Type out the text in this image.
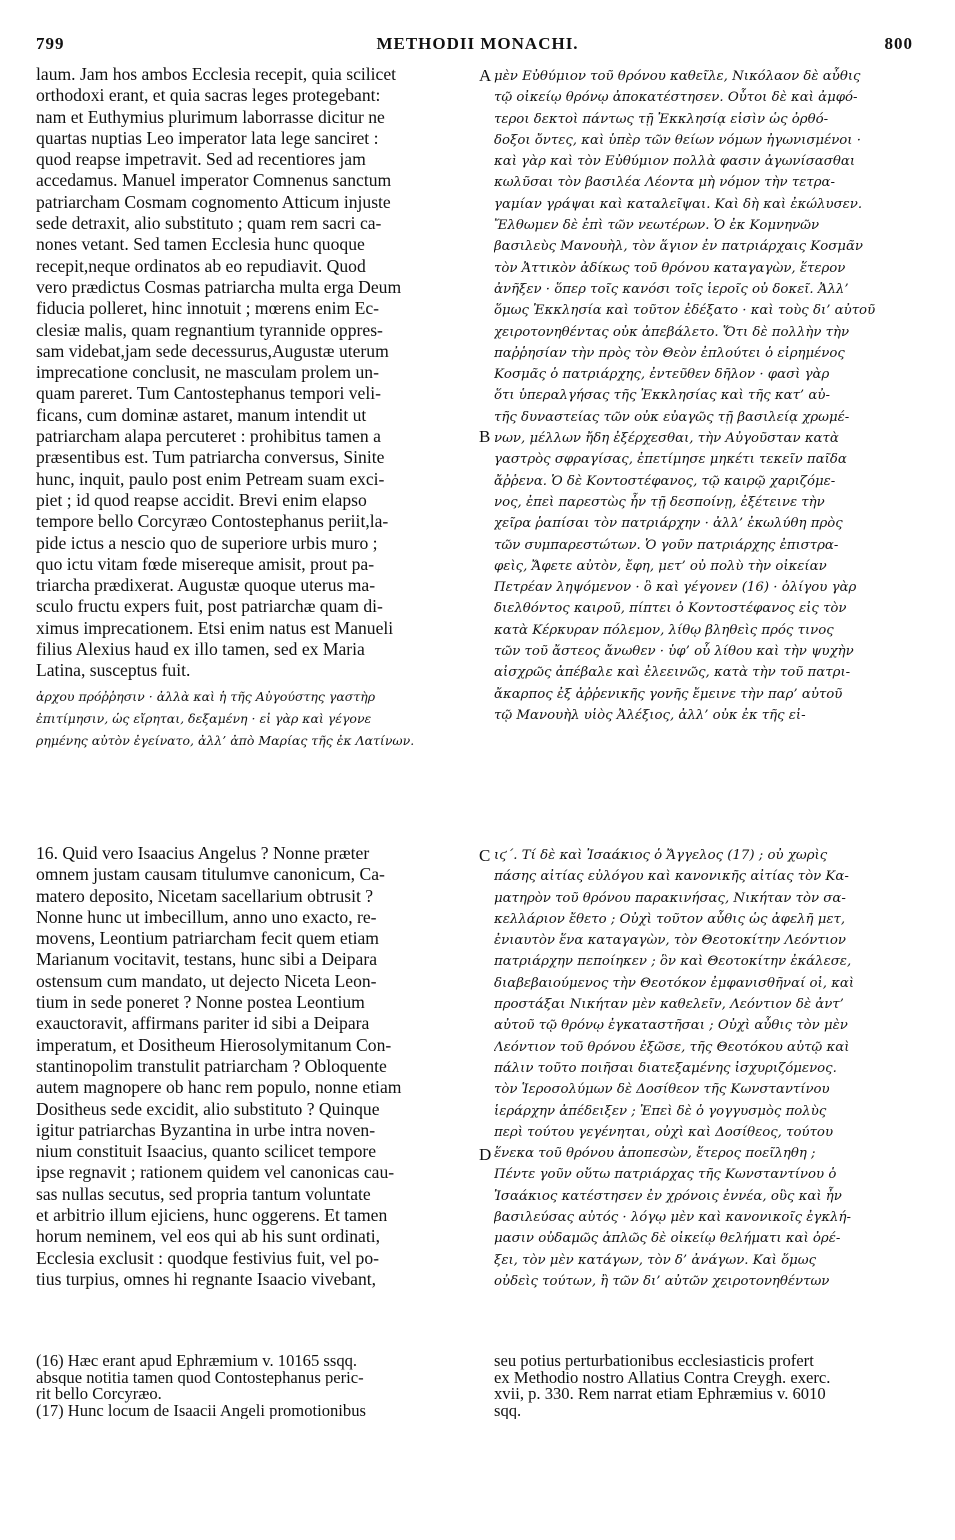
799	METHODII MONACHI.	800
A
B
C
D
laum. Jam hos ambos Ecclesia recepit, quia scilicet
orthodoxi erant, et quia sacras leges protegebant:
nam et Euthymius plurimum laborrasse dicitur ne
quartas nuptias Leo imperator lata lege sanciret :
quod reapse impetravit. Sed ad recentiores jam
accedamus. Manuel imperator Comnenus sanctum
patriarcham Cosmam cognomento Atticum injuste
sede detraxit, alio substituto ; quam rem sacri ca-
nones vetant. Sed tamen Ecclesia hunc quoque
recepit,neque ordinatos ab eo repudiavit. Quod
vero prædictus Cosmas patriarcha multa erga Deum
fiducia polleret, hinc innotuit ; mœrens enim Ec-
clesiæ malis, quam regnantium tyrannide oppres-
sam videbat,jam sede decessurus,Augustæ uterum
imprecatione conclusit, ne masculam prolem un-
quam pareret. Tum Cantostephanus tempori veli-
ficans, cum dominæ astaret, manum intendit ut
patriarcham alapa percuteret : prohibitus tamen a
præsentibus est. Tum patriarcha conversus, Sinite
hunc, inquit, paulo post enim Petream suam exci-
piet ; id quod reapse accidit. Brevi enim elapso
tempore bello Corcyræo Contostephanus periit,la-
pide ictus a nescio quo de superiore urbis muro ;
quo ictu vitam fœde misereque amisit, prout pa-
triarcha prædixerat. Augustæ quoque uterus ma-
sculo fructu expers fuit, post patriarchæ quam di-
ximus imprecationem. Etsi enim natus est Manueli
filius Alexius haud ex illo tamen, sed ex Maria
Latina, susceptus fuit.
μὲν Εὐθύμιον τοῦ θρόνου καθεῖλε, Νικόλαον δὲ αὖθις
τῷ οἰκείῳ θρόνῳ ἀποκατέστησεν. Οὗτοι δὲ καὶ ἀμφό-
τεροι δεκτοὶ πάντως τῇ Ἐκκλησίᾳ εἰσὶν ὡς ὀρθό-
δοξοι ὄντες, καὶ ὑπὲρ τῶν θείων νόμων ἠγωνισμένοι ·
καὶ γὰρ καὶ τὸν Εὐθύμιον πολλὰ φασιν ἀγωνίσασθαι
κωλῦσαι τὸν βασιλέα Λέοντα μὴ νόμον τὴν τετρα-
γαμίαν γράψαι καὶ καταλεῖψαι. Καὶ δὴ καὶ ἐκώλυσεν.
Ἔλθωμεν δὲ ἐπὶ τῶν νεωτέρων. Ὁ ἐκ Κομνηνῶν
βασιλεὺς Μανουὴλ, τὸν ἅγιον ἐν πατριάρχαις Κοσμᾶν
τὸν Ἀττικὸν ἀδίκως τοῦ θρόνου καταγαγὼν, ἕτερον
ἀνῆξεν · ὅπερ τοῖς κανόσι τοῖς ἱεροῖς οὐ δοκεῖ. Ἀλλ’
ὅμως Ἐκκλησία καὶ τοῦτον ἐδέξατο · καὶ τοὺς δι’ αὐτοῦ
χειροτονηθέντας οὐκ ἀπεβάλετο. Ὅτι δὲ πολλὴν τὴν
παῤῥησίαν τὴν πρὸς τὸν Θεὸν ἐπλούτει ὁ εἰρημένος
Κοσμᾶς ὁ πατριάρχης, ἐντεῦθεν δῆλον · φασὶ γὰρ
ὅτι ὑπεραλγήσας τῆς Ἐκκλησίας καὶ τῆς κατ’ αὐ-
τῆς δυναστείας τῶν οὐκ εὐαγῶς τῇ βασιλείᾳ χρωμέ-
νων, μέλλων ἤδη ἐξέρχεσθαι, τὴν Αὐγοῦσταν κατὰ
γαστρὸς σφραγίσας, ἐπετίμησε μηκέτι τεκεῖν παῖδα
ἄῤῥενα. Ὁ δὲ Κοντοστέφανος, τῷ καιρῷ χαριζόμε-
νος, ἐπεὶ παρεστὼς ἦν τῇ δεσποίνῃ, ἐξέτεινε τὴν
χεῖρα ῥαπίσαι τὸν πατριάρχην · ἀλλ’ ἐκωλύθη πρὸς
τῶν συμπαρεστώτων. Ὁ γοῦν πατριάρχης ἐπιστρα-
φεὶς, Ἄφετε αὐτὸν, ἔφη, μετ’ οὐ πολὺ τὴν οἰκείαν
Πετρέαν ληψόμενον · ὃ καὶ γέγονεν (16) · ὀλίγου γὰρ
διελθόντος καιροῦ, πίπτει ὁ Κοντοστέφανος εἰς τὸν
κατὰ Κέρκυραν πόλεμον, λίθῳ βληθεὶς πρός τινος
τῶν τοῦ ἄστεος ἄνωθεν · ὑφ’ οὗ λίθου καὶ τὴν ψυχὴν
αἰσχρῶς ἀπέβαλε καὶ ἐλεεινῶς, κατὰ τὴν τοῦ πατρι-
ἄκαρπος ἐξ ἀῤῥενικῆς γονῆς ἔμεινε τὴν παρ’ αὐτοῦ
τῷ Μανουὴλ υἱὸς Ἀλέξιος, ἀλλ’ οὐκ ἐκ τῆς εἰ-
ἀρχου πρόῤῥησιν · ἀλλὰ καὶ ἡ τῆς Αὐγούστης γαστὴρ
ἐπιτίμησιν, ὡς εἴρηται, δεξαμένη · εἰ γὰρ καὶ γέγονε
ρημένης αὐτὸν ἐγείνατο, ἀλλ’ ἀπὸ Μαρίας τῆς ἐκ Λατίνων.
16. Quid vero Isaacius Angelus ? Nonne præter
omnem justam causam titulumve canonicum, Ca-
matero deposito, Nicetam sacellarium obtrusit ?
Nonne hunc ut imbecillum, anno uno exacto, re-
movens, Leontium patriarcham fecit quem etiam
Marianum vocitavit, testans, hunc sibi a Deipara
ostensum cum mandato, ut dejecto Niceta Leon-
tium in sede poneret ? Nonne postea Leontium
exauctoravit, affirmans pariter id sibi a Deipara
imperatum, et Dositheum Hierosolymitanum Con-
stantinopolim transtulit patriarcham ? Obloquente
autem magnopere ob hanc rem populo, nonne etiam
Dositheus sede excidit, alio substituto ? Quinque
igitur patriarchas Byzantina in urbe intra noven-
nium constituit Isaacius, quanto scilicet tempore
ipse regnavit ; rationem quidem vel canonicas cau-
sas nullas secutus, sed propria tantum voluntate
et arbitrio illum ejiciens, hunc oggerens. Et tamen
horum neminem, vel eos qui ab his sunt ordinati,
Ecclesia exclusit : quodque festivius fuit, vel po-
tius turpius, omnes hi regnante Isaacio vivebant,
ιϛ΄. Τί δὲ καὶ Ἰσαάκιος ὁ Ἄγγελος (17) ; οὐ χωρὶς
πάσης αἰτίας εὐλόγου καὶ κανονικῆς αἰτίας τὸν Κα-
ματηρὸν τοῦ θρόνου παρακινήσας, Νικήταν τὸν σα-
κελλάριον ἔθετο ; Οὐχὶ τοῦτον αὖθις ὡς ἀφελῆ μετ,
ἐνιαυτὸν ἕνα καταγαγὼν, τὸν Θεοτοκίτην Λεόντιον
πατριάρχην πεποίηκεν ; ὃν καὶ Θεοτοκίτην ἐκάλεσε,
διαβεβαιούμενος τὴν Θεοτόκον ἐμφανισθῆναί οἱ, καὶ
προστάξαι Νικήταν μὲν καθελεῖν, Λεόντιον δὲ ἀντ’
αὐτοῦ τῷ θρόνῳ ἐγκαταστῆσαι ; Οὐχὶ αὖθις τὸν μὲν
Λεόντιον τοῦ θρόνου ἐξῶσε, τῆς Θεοτόκου αὐτῷ καὶ
πάλιν τοῦτο ποιῆσαι διατεξαμένης ἰσχυριζόμενος.
τὸν Ἱεροσολύμων δὲ Δοσίθεον τῆς Κωνσταντίνου
ἱεράρχην ἀπέδειξεν ; Ἐπεὶ δὲ ὁ γογγυσμὸς πολὺς
περὶ τούτου γεγένηται, οὐχὶ καὶ Δοσίθεος, τούτου
ἕνεκα τοῦ θρόνου ἀποπεσὼν, ἕτερος ποεῖληθη ;
Πέντε γοῦν οὕτω πατριάρχας τῆς Κωνσταντίνου ὁ
Ἰσαάκιος κατέστησεν ἐν χρόνοις ἐννέα, οὓς καὶ ἦν
βασιλεύσας αὐτός · λόγῳ μὲν καὶ κανονικοῖς ἐγκλή-
μασιν οὐδαμῶς ἁπλῶς δὲ οἰκείῳ θελήματι καὶ ὀρέ-
ξει, τὸν μὲν κατάγων, τὸν δ’ ἀνάγων. Καὶ ὅμως
οὐδεὶς τούτων, ἢ τῶν δι’ αὐτῶν χειροτονηθέντων
(16) Hæc erant apud Ephræmium v. 10165 ssqq.
absque notitia tamen quod Contostephanus peric-
rit bello Corcyræo.
(17) Hunc locum de Isaacii Angeli promotionibus
seu potius perturbationibus ecclesiasticis profert
ex Methodio nostro Allatius Contra Creygh. exerc.
xvii, p. 330. Rem narrat etiam Ephræmius v. 6010
sqq.
